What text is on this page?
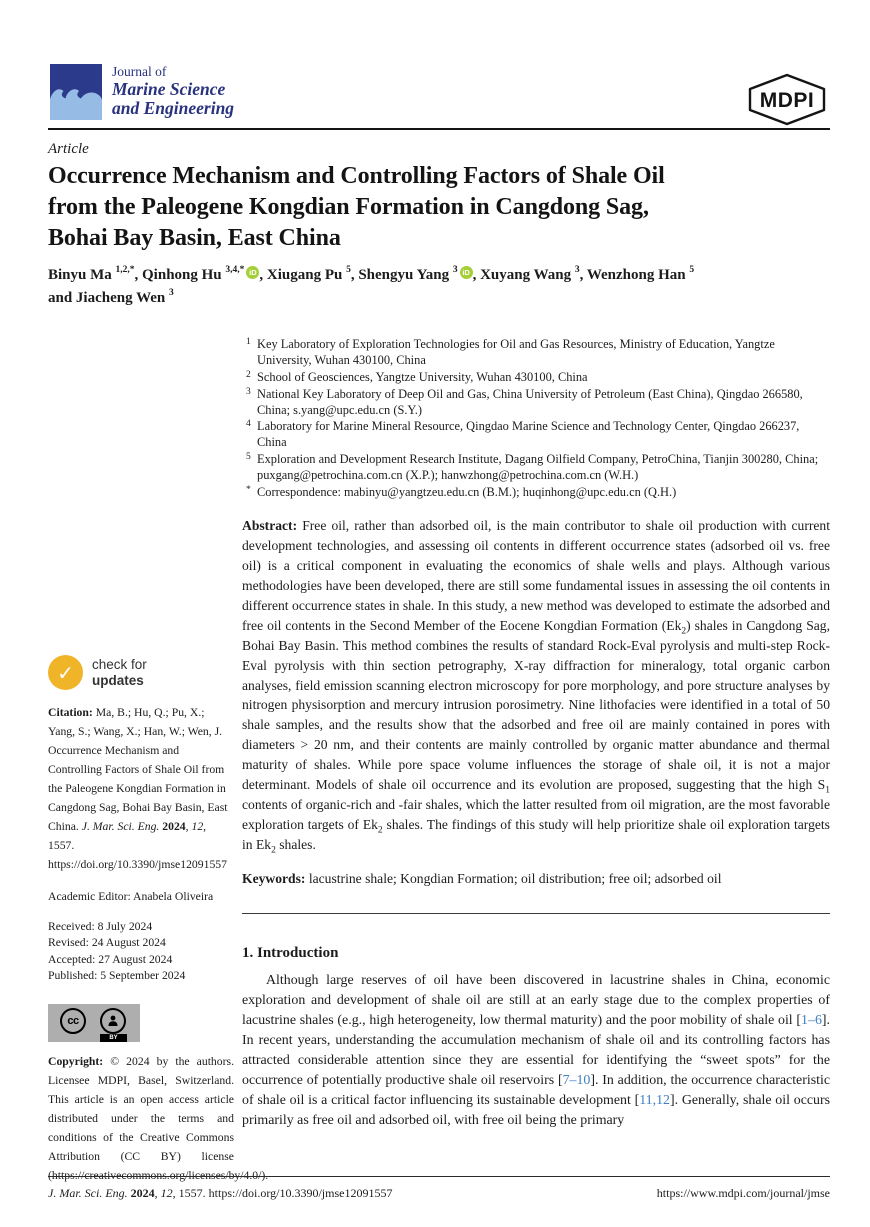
Journal of
Marine Science
and Engineering	MDPI
Article
Occurrence Mechanism and Controlling Factors of Shale Oil
from the Paleogene Kongdian Formation in Cangdong Sag,
Bohai Bay Basin, East China
Binyu Ma $^{1,2,*}$, Qinhong Hu $^{3,4,*}$ iD , Xiugang Pu $^5$, Shengyu Yang $^3$ iD , Xuyang Wang $^3$, Wenzhong Han $^5$
and Jiacheng Wen $^3$
1 Key Laboratory of Exploration Technologies for Oil and Gas Resources, Ministry of Education, Yangtze University, Wuhan 430100, China
2 School of Geosciences, Yangtze University, Wuhan 430100, China
3 National Key Laboratory of Deep Oil and Gas, China University of Petroleum (East China), Qingdao 266580, China; s.yang@upc.edu.cn (S.Y.)
4 Laboratory for Marine Mineral Resource, Qingdao Marine Science and Technology Center, Qingdao 266237, China
5 Exploration and Development Research Institute, Dagang Oilfield Company, PetroChina, Tianjin 300280, China; puxgang@petrochina.com.cn (X.P.); hanwzhong@petrochina.com.cn (W.H.)
* Correspondence: mabinyu@yangtzeu.edu.cn (B.M.); huqinhong@upc.edu.cn (Q.H.)

Abstract: Free oil, rather than adsorbed oil, is the main contributor to shale oil production with current development technologies, and assessing oil contents in different occurrence states (adsorbed oil vs. free oil) is a critical component in evaluating the economics of shale wells and plays. Although various methodologies have been developed, there are still some fundamental issues in assessing the oil contents in different occurrence states in shale. In this study, a new method was developed to estimate the adsorbed and free oil contents in the Second Member of the Eocene Kongdian Formation $(Ek_2)$ shales in Cangdong Sag, Bohai Bay Basin. This method combines the results of standard Rock-Eval pyrolysis and multi-step Rock-Eval pyrolysis with thin section petrography, X-ray diffraction for mineralogy, total organic carbon analyses, field emission scanning electron microscopy for pore morphology, and pore structure analyses by nitrogen physisorption and mercury intrusion porosimetry. Nine lithofacies were identified in a total of 50 shale samples, and the results show that the adsorbed and free oil are mainly contained in pores with diameters > 20 nm, and their contents are mainly controlled by organic matter abundance and thermal maturity of shales. While pore space volume influences the storage of shale oil, it is not a major determinant. Models of shale oil occurrence and its evolution are proposed, suggesting that the high $S_1$ contents of organic-rich and -fair shales, which the latter resulted from oil migration, are the most favorable exploration targets of $Ek_2$ shales. The findings of this study will help prioritize shale oil exploration targets in $Ek_2$ shales.

Keywords: lacustrine shale; Kongdian Formation; oil distribution; free oil; adsorbed oil

1. Introduction

Although large reserves of oil have been discovered in lacustrine shales in China, economic exploration and development of shale oil are still at an early stage due to the complex properties of lacustrine shales (e.g., high heterogeneity, low thermal maturity) and the poor mobility of shale oil [1–6]. In recent years, understanding the accumulation mechanism of shale oil and its controlling factors has attracted considerable attention since they are essential for identifying the “sweet spots” for the occurrence of potentially productive shale oil reservoirs [7–10]. In addition, the occurrence characteristic of shale oil is a critical factor influencing its sustainable development [11,12]. Generally, shale oil occurs primarily as free oil and adsorbed oil, with free oil being the primary

✓ check for
updates

Citation: Ma, B.; Hu, Q.; Pu, X.; Yang, S.; Wang, X.; Han, W.; Wen, J. Occurrence Mechanism and Controlling Factors of Shale Oil from the Paleogene Kongdian Formation in Cangdong Sag, Bohai Bay Basin, East China. J. Mar. Sci. Eng. 2024, 12, 1557. https://doi.org/10.3390/jmse12091557

Academic Editor: Anabela Oliveira
Received: 8 July 2024
Revised: 24 August 2024
Accepted: 27 August 2024
Published: 5 September 2024
cc
BY

Copyright: © 2024 by the authors. Licensee MDPI, Basel, Switzerland. This article is an open access article distributed under the terms and conditions of the Creative Commons Attribution (CC BY) license (https://creativecommons.org/licenses/by/4.0/).

J. Mar. Sci. Eng. 2024, 12, 1557. https://doi.org/10.3390/jmse12091557	https://www.mdpi.com/journal/jmse
